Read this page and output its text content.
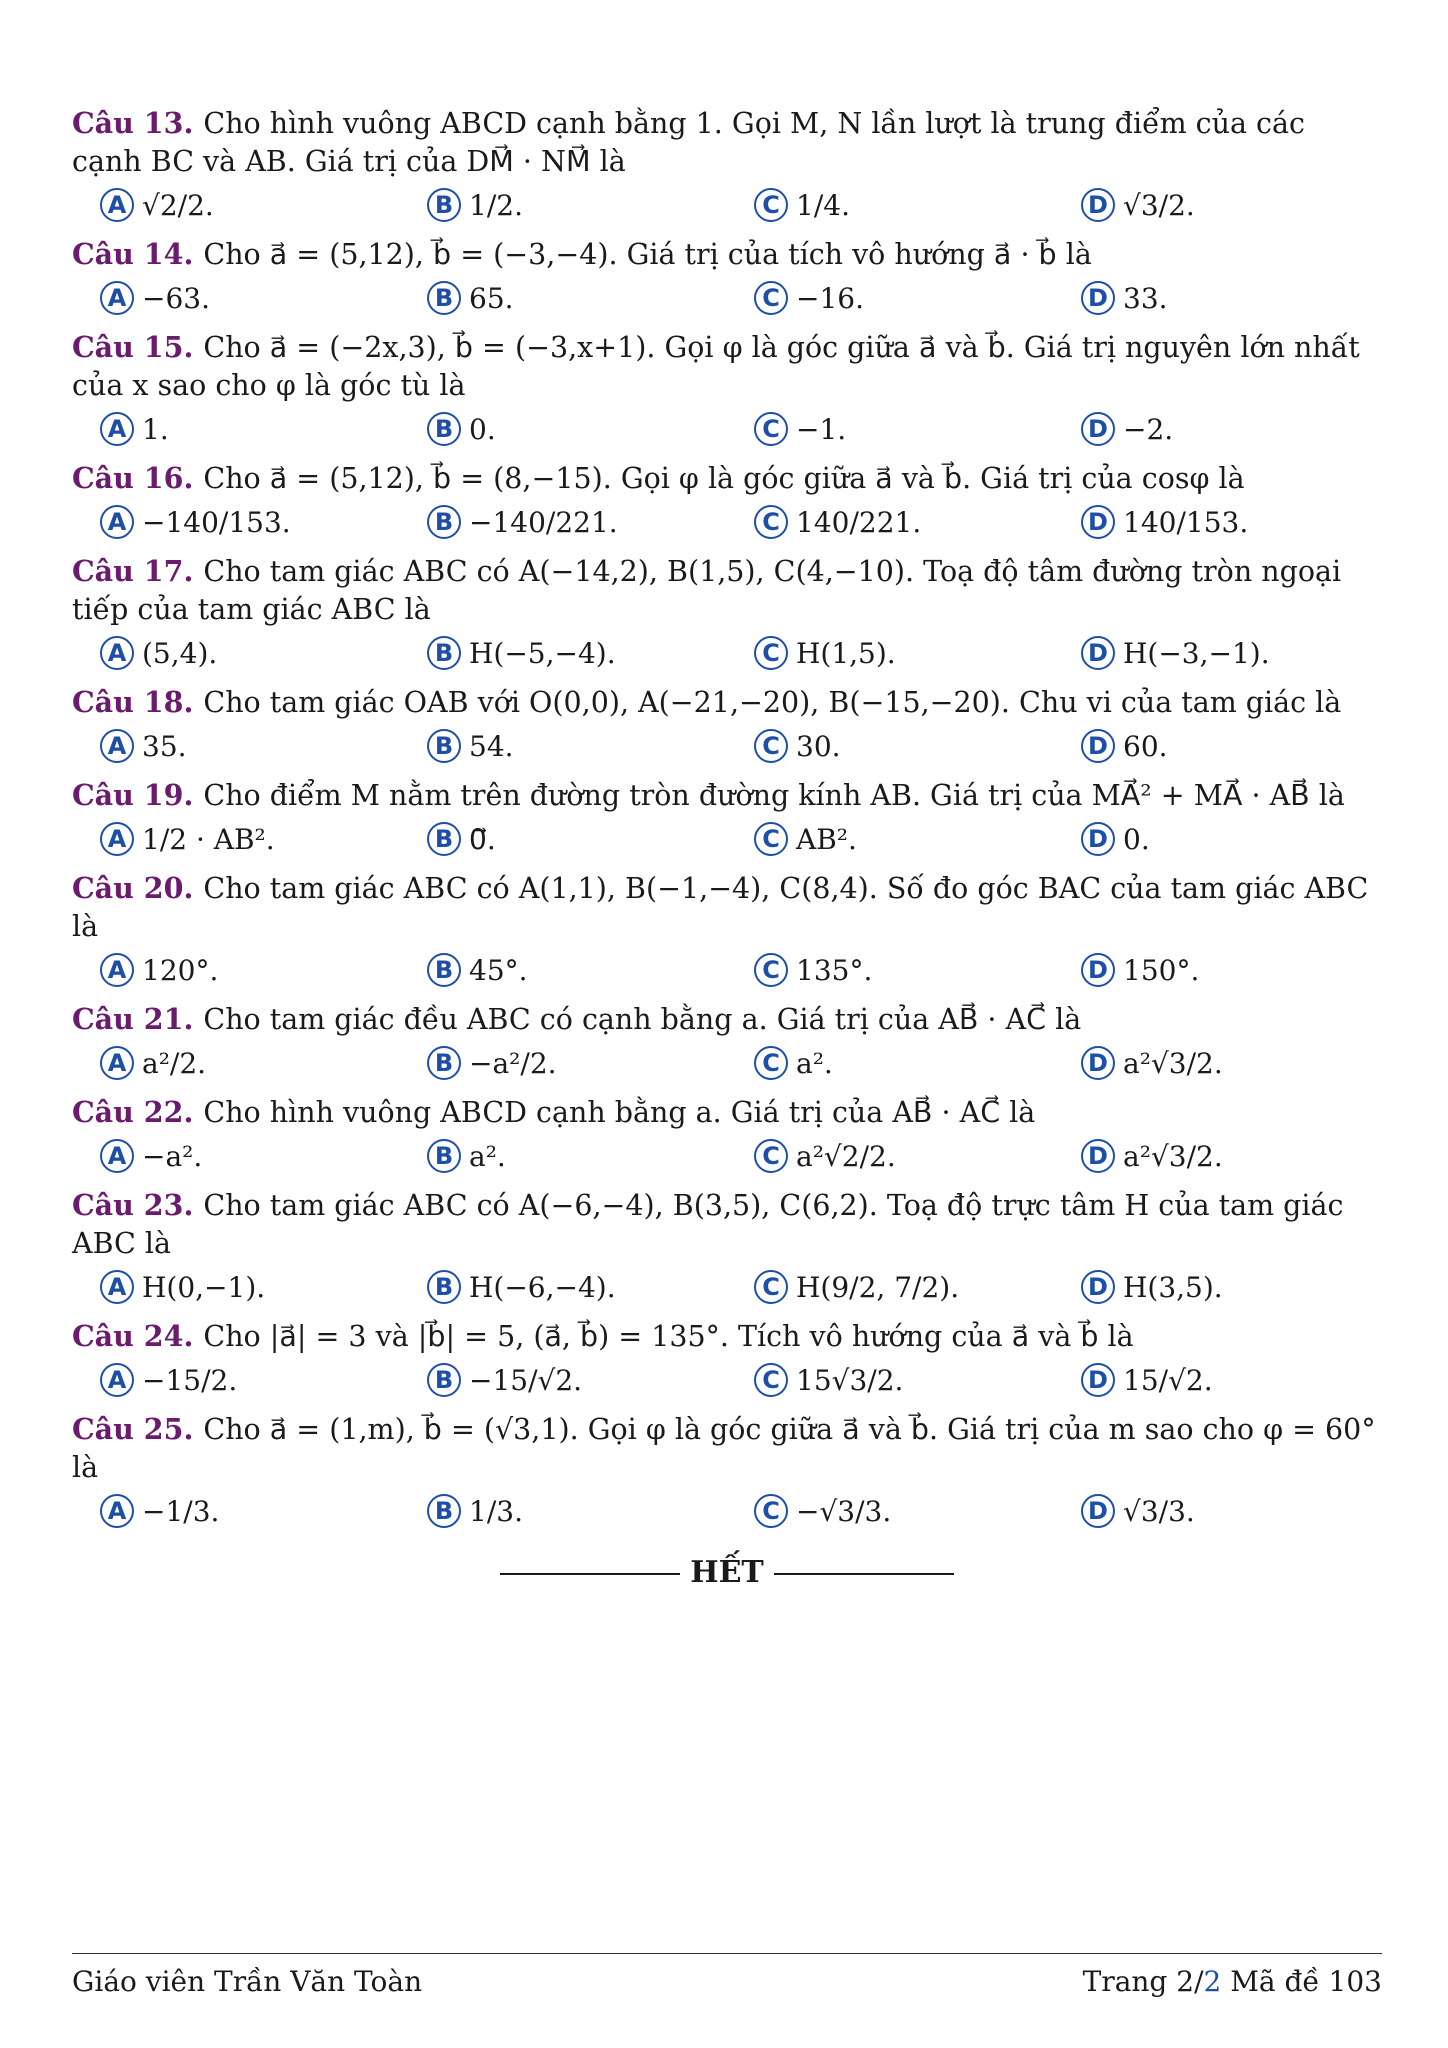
Câu 13. Cho hình vuông ABCD cạnh bằng 1. Gọi M, N lần lượt là trung điểm của các cạnh BC và AB. Giá trị của DM⃗ · NM⃗ là

A √2/2.	B 1/2.	C 1/4.	D √3/2.

Câu 14. Cho a⃗ = (5,12), b⃗ = (−3,−4). Giá trị của tích vô hướng a⃗ · b⃗ là

A −63.	B 65.	C −16.	D 33.

Câu 15. Cho a⃗ = (−2x,3), b⃗ = (−3,x+1). Gọi φ là góc giữa a⃗ và b⃗. Giá trị nguyên lớn nhất của x sao cho φ là góc tù là

A 1.	B 0.	C −1.	D −2.

Câu 16. Cho a⃗ = (5,12), b⃗ = (8,−15). Gọi φ là góc giữa a⃗ và b⃗. Giá trị của cosφ là

A −140/153.	B −140/221.	C 140/221.	D 140/153.

Câu 17. Cho tam giác ABC có A(−14,2), B(1,5), C(4,−10). Toạ độ tâm đường tròn ngoại tiếp của tam giác ABC là

A (5,4).	B H(−5,−4).	C H(1,5).	D H(−3,−1).

Câu 18. Cho tam giác OAB với O(0,0), A(−21,−20), B(−15,−20). Chu vi của tam giác là

A 35.	B 54.	C 30.	D 60.

Câu 19. Cho điểm M nằm trên đường tròn đường kính AB. Giá trị của MA⃗² + MA⃗ · AB⃗ là

A 1/2 · AB².	B 0⃗.	C AB².	D 0.

Câu 20. Cho tam giác ABC có A(1,1), B(−1,−4), C(8,4). Số đo góc BAC của tam giác ABC là

A 120°.	B 45°.	C 135°.	D 150°.

Câu 21. Cho tam giác đều ABC có cạnh bằng a. Giá trị của AB⃗ · AC⃗ là

A a²/2.	B −a²/2.	C a².	D a²√3/2.

Câu 22. Cho hình vuông ABCD cạnh bằng a. Giá trị của AB⃗ · AC⃗ là

A −a².	B a².	C a²√2/2.	D a²√3/2.

Câu 23. Cho tam giác ABC có A(−6,−4), B(3,5), C(6,2). Toạ độ trực tâm H của tam giác ABC là

A H(0,−1).	B H(−6,−4).	C H(9/2, 7/2).	D H(3,5).

Câu 24. Cho |a⃗| = 3 và |b⃗| = 5, (a⃗, b⃗) = 135°. Tích vô hướng của a⃗ và b⃗ là

A −15/2.	B −15/√2.	C 15√3/2.	D 15/√2.

Câu 25. Cho a⃗ = (1,m), b⃗ = (√3,1). Gọi φ là góc giữa a⃗ và b⃗. Giá trị của m sao cho φ = 60° là

A −1/3.	B 1/3.	C −√3/3.	D √3/3.
HẾT
Giáo viên Trần Văn Toàn	Trang 2/2 Mã đề 103
